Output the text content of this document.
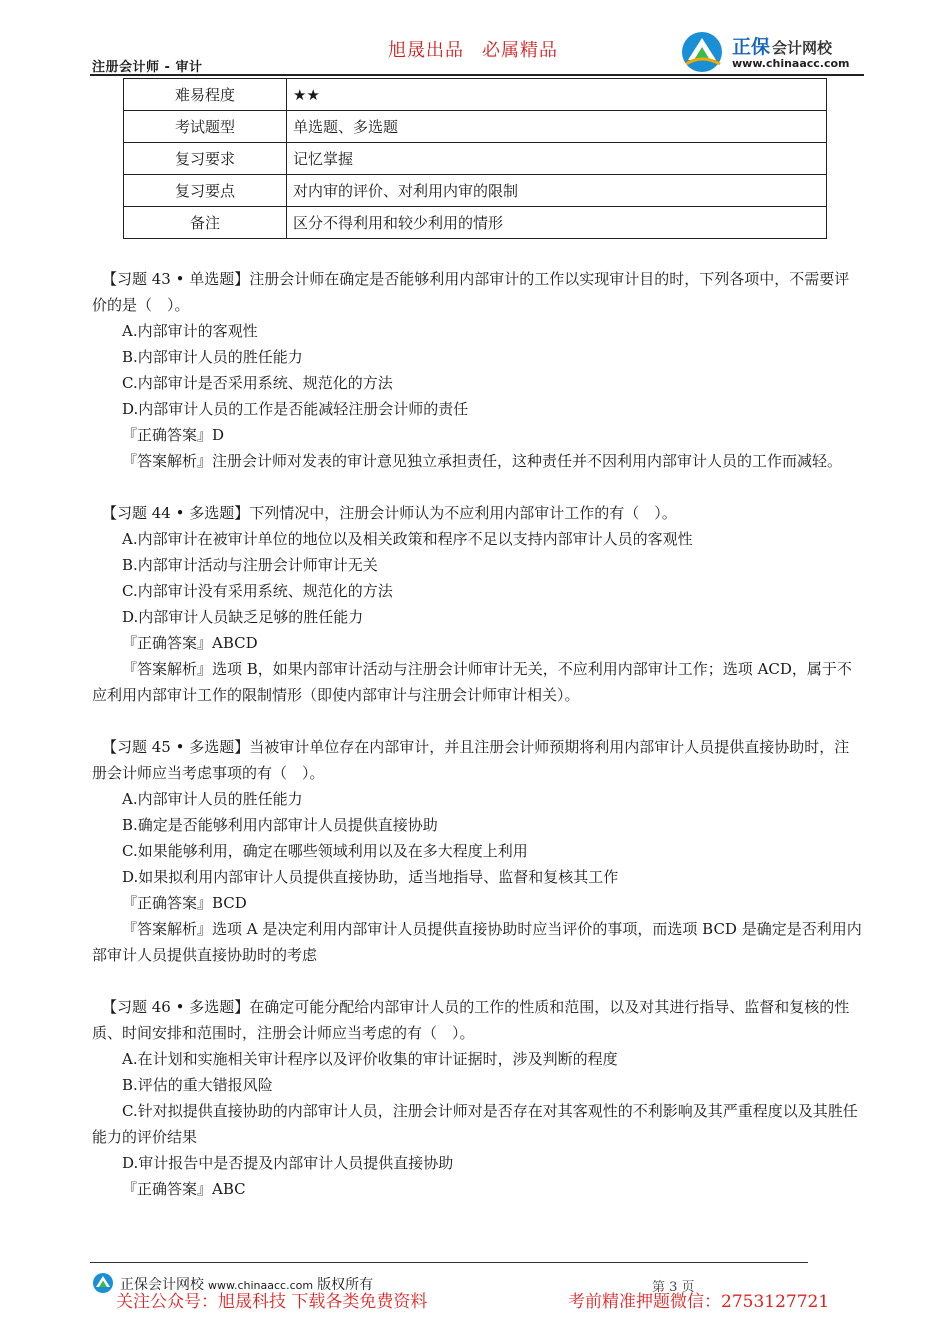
注册会计师 - 审计
旭晟出品 必属精品	正保 会计网校
www.chinaacc.com
难易程度	★★
考试题型	单选题、多选题
复习要求	记忆掌握
复习要点	对内审的评价、对利用内审的限制
备注	区分不得利用和较少利用的情形

【习题 43 • 单选题】注册会计师在确定是否能够利用内部审计的工作以实现审计目的时，下列各项中，不需要评价的是（　）。

A.内部审计的客观性

B.内部审计人员的胜任能力

C.内部审计是否采用系统、规范化的方法

D.内部审计人员的工作是否能减轻注册会计师的责任

『正确答案』D

『答案解析』注册会计师对发表的审计意见独立承担责任，这种责任并不因利用内部审计人员的工作而减轻。

【习题 44 • 多选题】下列情况中，注册会计师认为不应利用内部审计工作的有（　）。

A.内部审计在被审计单位的地位以及相关政策和程序不足以支持内部审计人员的客观性

B.内部审计活动与注册会计师审计无关

C.内部审计没有采用系统、规范化的方法

D.内部审计人员缺乏足够的胜任能力

『正确答案』ABCD

『答案解析』选项 B，如果内部审计活动与注册会计师审计无关，不应利用内部审计工作；选项 ACD，属于不应利用内部审计工作的限制情形（即使内部审计与注册会计师审计相关）。

【习题 45 • 多选题】当被审计单位存在内部审计，并且注册会计师预期将利用内部审计人员提供直接协助时，注册会计师应当考虑事项的有（　）。

A.内部审计人员的胜任能力

B.确定是否能够利用内部审计人员提供直接协助

C.如果能够利用，确定在哪些领域利用以及在多大程度上利用

D.如果拟利用内部审计人员提供直接协助，适当地指导、监督和复核其工作

『正确答案』BCD

『答案解析』选项 A 是决定利用内部审计人员提供直接协助时应当评价的事项，而选项 BCD 是确定是否利用内部审计人员提供直接协助时的考虑

【习题 46 • 多选题】在确定可能分配给内部审计人员的工作的性质和范围，以及对其进行指导、监督和复核的性质、时间安排和范围时，注册会计师应当考虑的有（　）。

A.在计划和实施相关审计程序以及评价收集的审计证据时，涉及判断的程度

B.评估的重大错报风险

C.针对拟提供直接协助的内部审计人员，注册会计师对是否存在对其客观性的不利影响及其严重程度以及其胜任能力的评价结果

D.审计报告中是否提及内部审计人员提供直接协助

『正确答案』ABC

正保会计网校 www.chinaacc.com 版权所有	第 3 页
关注公众号：旭晟科技 下载各类免费资料	考前精准押题微信：2753127721
